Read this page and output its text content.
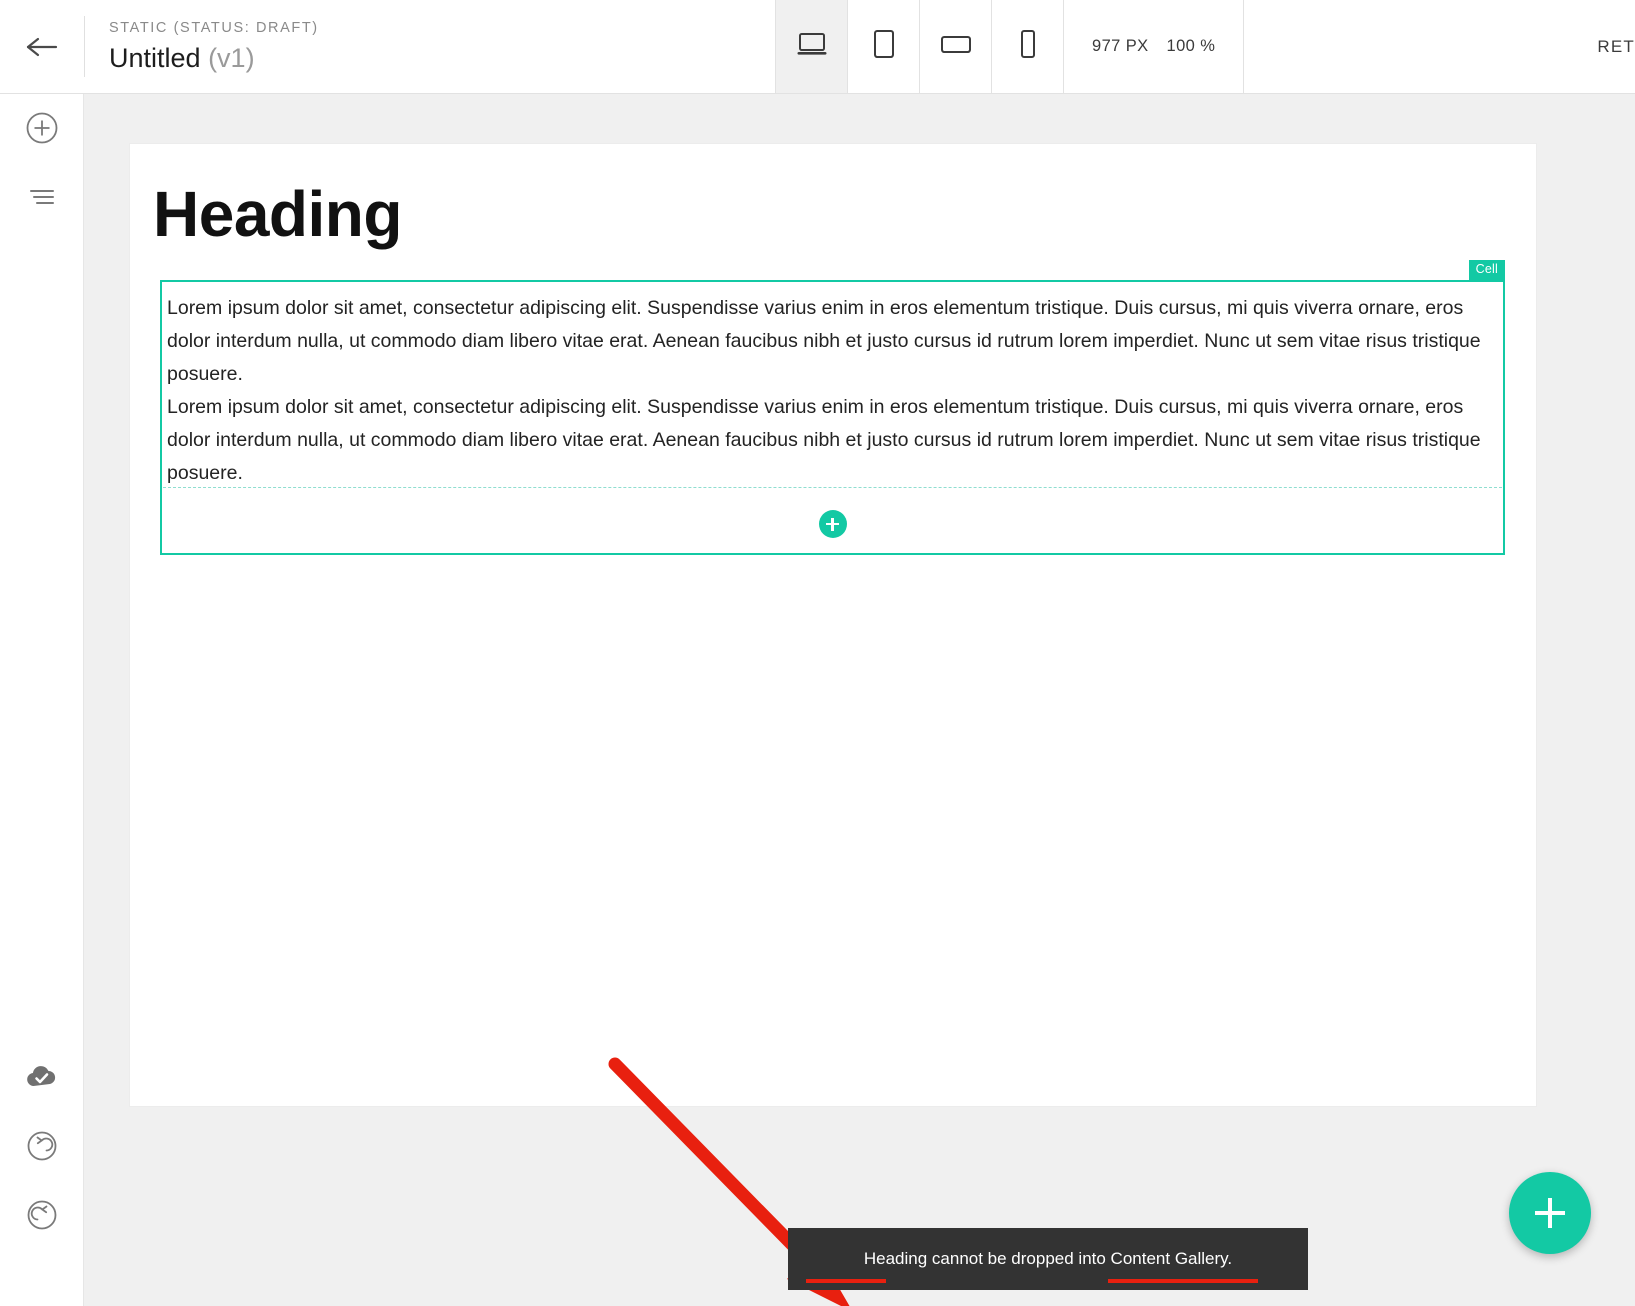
STATIC (STATUS: DRAFT)
Untitled (v1)	977 PX 100 %	RET
Heading
Cell

Lorem ipsum dolor sit amet, consectetur adipiscing elit. Suspendisse varius enim in eros elementum tristique. Duis cursus, mi quis viverra ornare, eros dolor interdum nulla, ut commodo diam libero vitae erat. Aenean faucibus nibh et justo cursus id rutrum lorem imperdiet. Nunc ut sem vitae risus tristique posuere.

Lorem ipsum dolor sit amet, consectetur adipiscing elit. Suspendisse varius enim in eros elementum tristique. Duis cursus, mi quis viverra ornare, eros dolor interdum nulla, ut commodo diam libero vitae erat. Aenean faucibus nibh et justo cursus id rutrum lorem imperdiet. Nunc ut sem vitae risus tristique posuere.

Heading cannot be dropped into Content Gallery.
